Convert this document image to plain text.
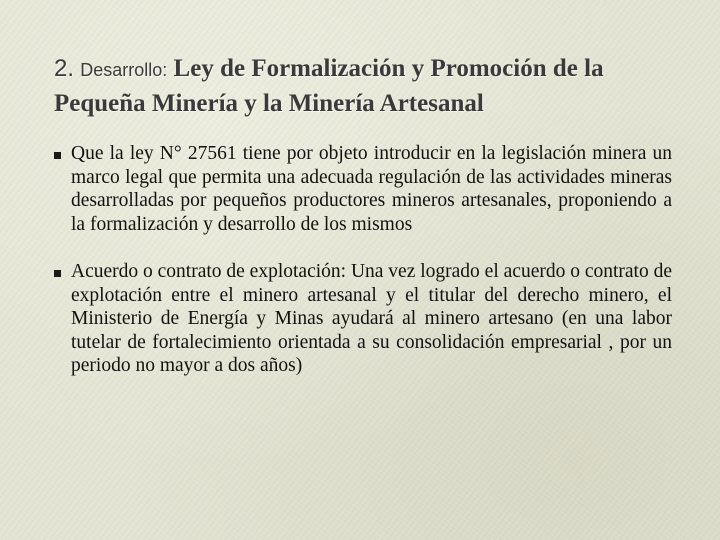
2. Desarrollo: Ley de Formalización y Promoción de la Pequeña Minería y la Minería Artesanal
Que la ley N° 27561 tiene por objeto introducir en la legislación minera un marco legal que permita una adecuada regulación de las actividades mineras desarrolladas por pequeños productores mineros artesanales, proponiendo a la formalización y desarrollo de los mismos
Acuerdo o contrato de explotación: Una vez logrado el acuerdo o contrato de explotación entre el minero artesanal y el titular del derecho minero, el Ministerio de Energía y Minas ayudará al minero artesano (en una labor tutelar de fortalecimiento orientada a su consolidación empresarial , por un periodo no mayor a dos años)
